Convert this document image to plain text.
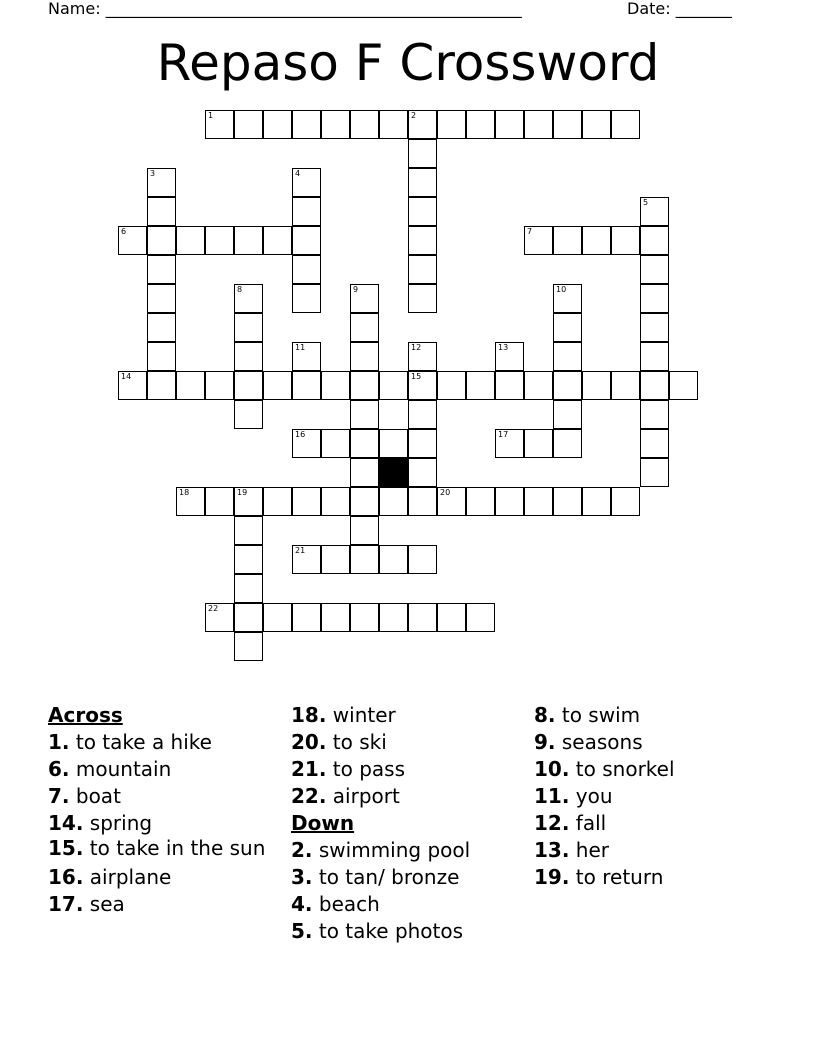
Name: ____________________________________________________	Date: _______
Repaso F Crossword
1	2
3	4
5
6	7
8	9	10
11	12
15
13
14
16	17
18	19	20
21
22
Across
1. to take a hike
6. mountain
7. boat
14. spring
15. to take in the sun
16. airplane
17. sea
18. winter
20. to ski
21. to pass
22. airport
Down
2. swimming pool
3. to tan/ bronze
4. beach
5. to take photos
8. to swim
9. seasons
10. to snorkel
11. you
12. fall
13. her
19. to return
